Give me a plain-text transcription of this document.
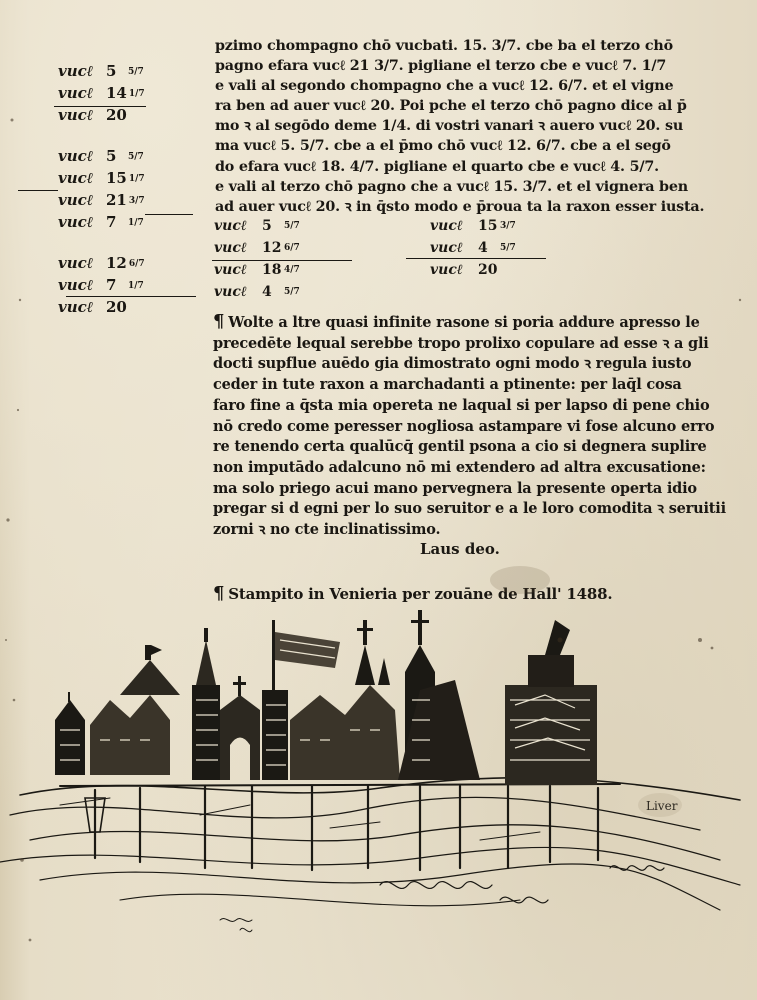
vucℓ 5 5/7
vucℓ 14 1/7
vucℓ 20
vucℓ 5 5/7
vucℓ 15 1/7
vucℓ 21 3/7
vucℓ 7 1/7
vucℓ 12 6/7
vucℓ 7 1/7
vucℓ 20

pzimo chompagno chō vucbati. 15. 3/7. cbe ba el terzo chō

pagno efara vucℓ 21 3/7. pigliane el terzo cbe e vucℓ 7. 1/7

e vali al segondo chompagno che a vucℓ 12. 6/7. et el vigne

ra ben ad auer vucℓ 20. Poi pche el terzo chō pagno dice al p̄

mo ꝛ al segōdo deme 1/4. di vostri vanari ꝛ auero vucℓ 20. su

ma vucℓ 5. 5/7. cbe a el p̄mo chō vucℓ 12. 6/7. cbe a el segō

do efara vucℓ 18. 4/7. pigliane el quarto cbe e vucℓ 4. 5/7.

e vali al terzo chō pagno che a vucℓ 15. 3/7. et el vignera ben

ad auer vucℓ 20. ꝛ in q̄sto modo e p̄roua ta la raxon esser iusta.

vucℓ 5 5/7
vucℓ 12 6/7
vucℓ 18 4/7
vucℓ 4 5/7
vucℓ 15 3/7
vucℓ 4 5/7
vucℓ 20

¶ Wolte a ltre quasi infinite rasone si poria addure apresso le

precedēte lequal serebbe tropo prolixo copulare ad esse ꝛ a gli

docti supflue auēdo gia dimostrato ogni modo ꝛ regula iusto

ceder in tute raxon a marchadanti a ptinente: per laq̄l cosa

faro fine a q̄sta mia opereta ne laqual si per lapso di pene chio

nō credo come peresser nogliosa astampare vi fose alcuno erro

re tenendo certa qualūcq̄ gentil psona a cio si degnera suplire

non imputādo adalcuno nō mi extendero ad altra excusatione:

ma solo priego acui mano pervegnera la presente operta idio

pregar si d egni per lo suo seruitor e a le loro comodita ꝛ seruitii

zorni ꝛ no cte inclinatissimo.

Laus deo.
¶ Stampito in Venieria per zouāne de Hall' 1488.
Liver
